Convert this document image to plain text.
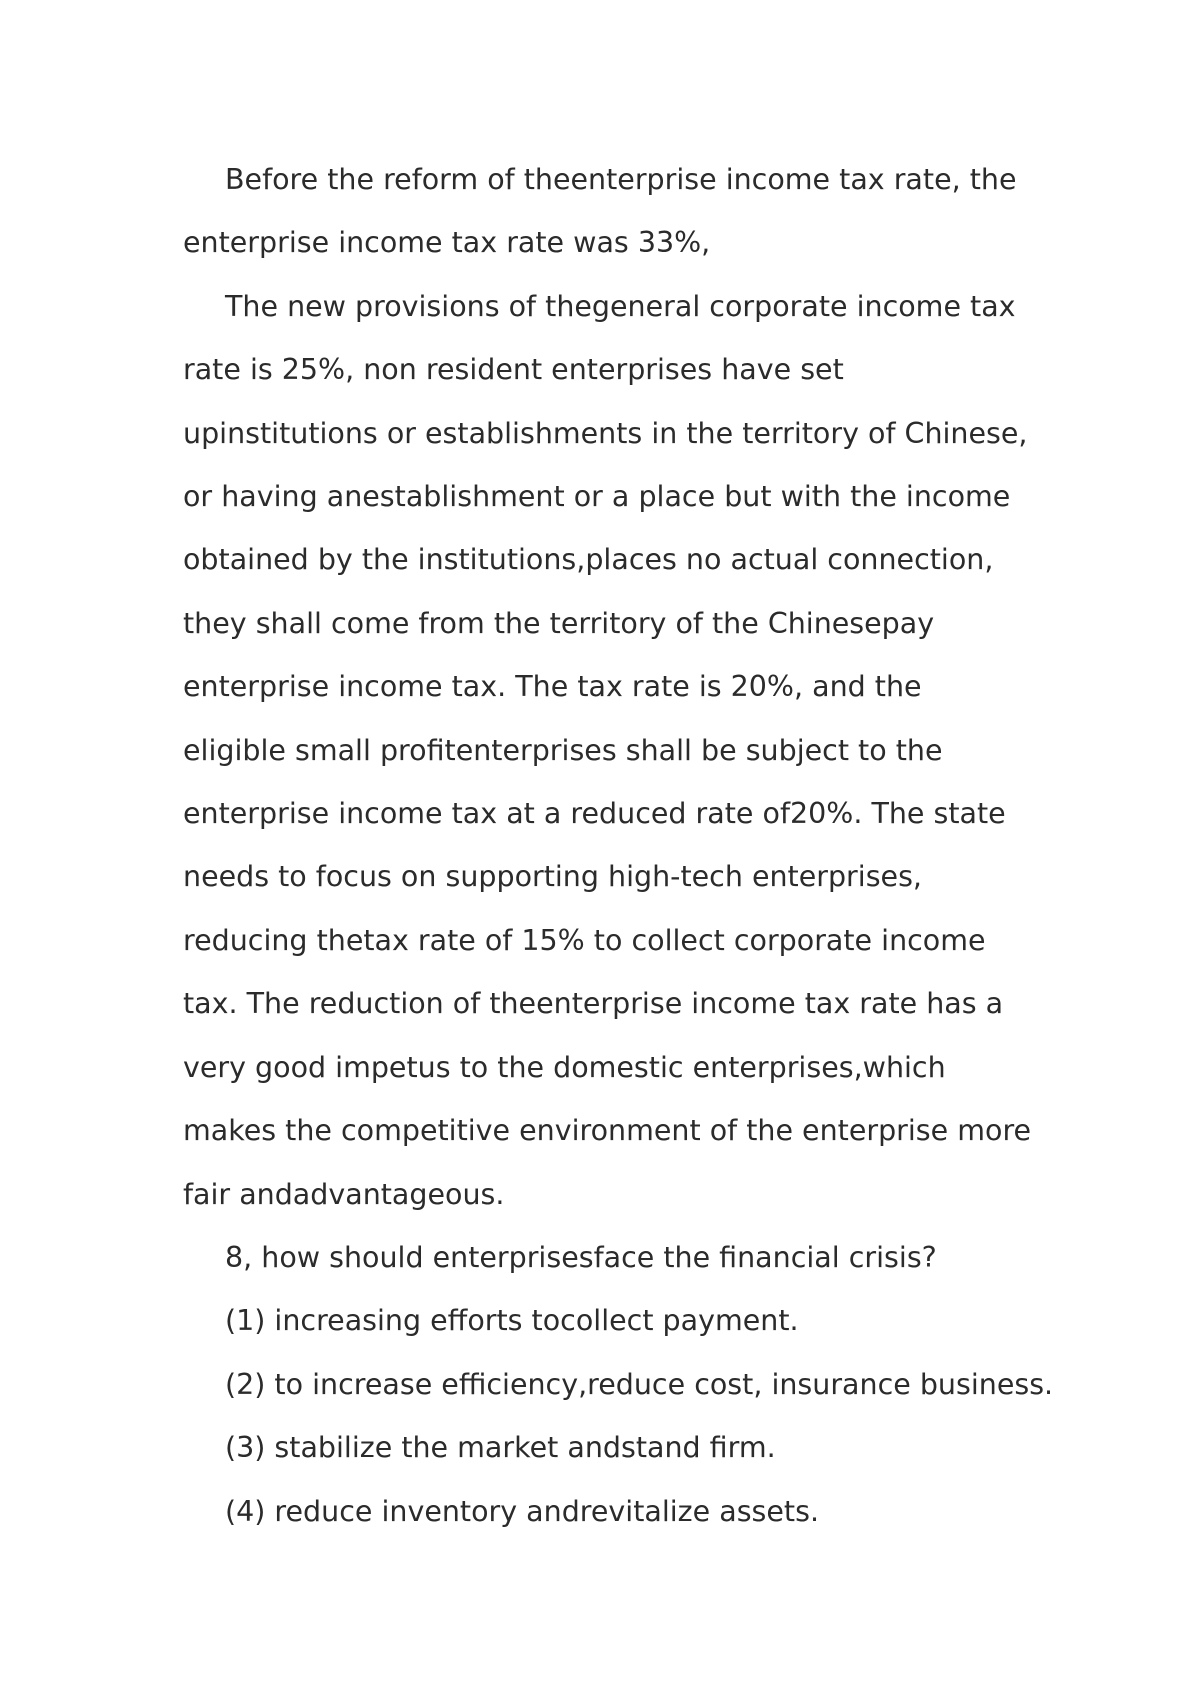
Before the reform of theenterprise income tax rate, the enterprise income tax rate was 33%,

The new provisions of thegeneral corporate income tax rate is 25%, non resident enterprises have set upinstitutions or establishments in the territory of Chinese, or having anestablishment or a place but with the income obtained by the institutions,places no actual connection, they shall come from the territory of the Chinesepay enterprise income tax. The tax rate is 20%, and the eligible small profitenterprises shall be subject to the enterprise income tax at a reduced rate of20%. The state needs to focus on supporting high-tech enterprises, reducing thetax rate of 15% to collect corporate income tax. The reduction of theenterprise income tax rate has a very good impetus to the domestic enterprises,which makes the competitive environment of the enterprise more fair andadvantageous.

8, how should enterprisesface the financial crisis?

(1) increasing efforts tocollect payment.

(2) to increase efficiency,reduce cost, insurance business.

(3) stabilize the market andstand firm.

(4) reduce inventory andrevitalize assets.
